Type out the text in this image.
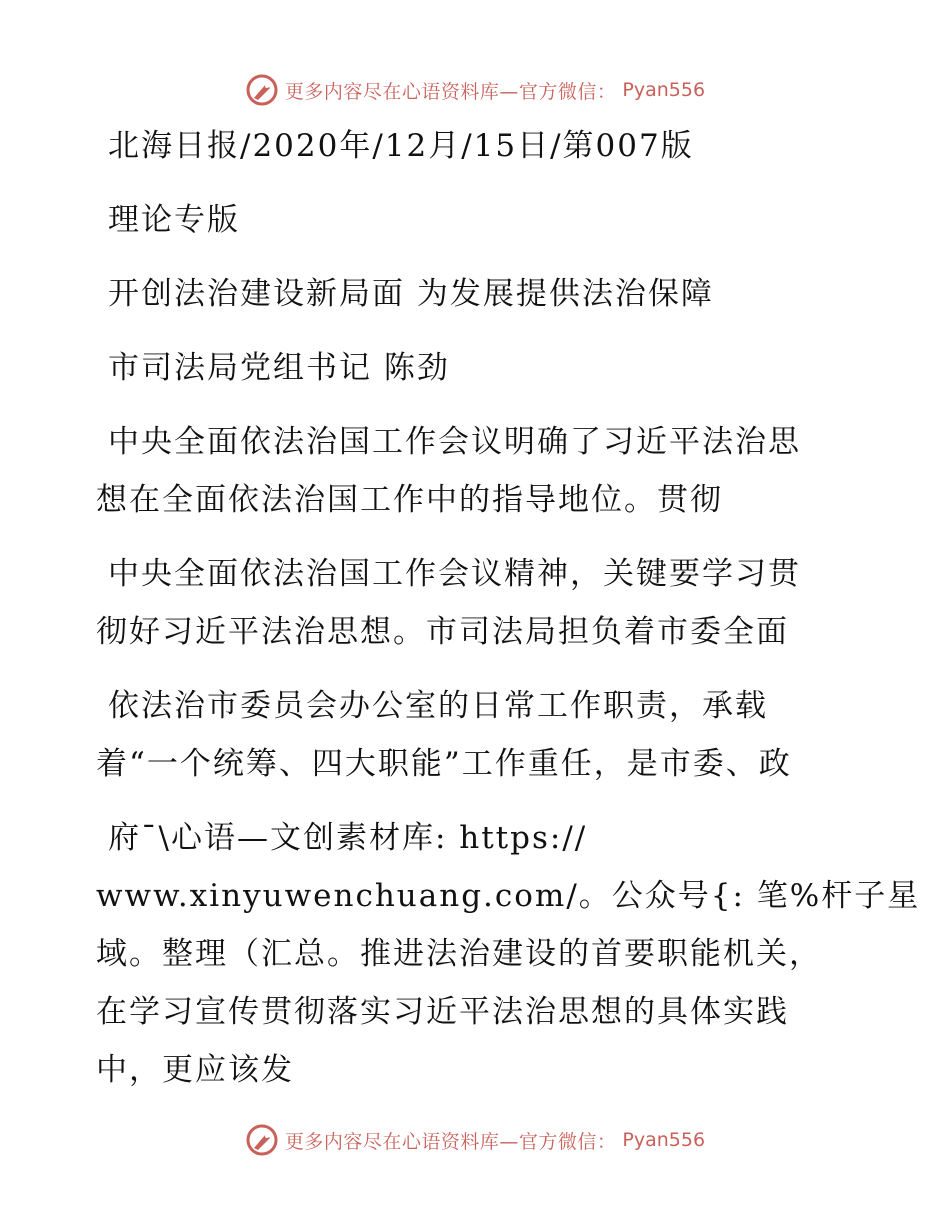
更多内容尽在心语资料库—官方微信： Pyan556
北海日报/2020年/12月/15日/第007版
理论专版
开创法治建设新局面 为发展提供法治保障
市司法局党组书记 陈劲
中央全面依法治国工作会议明确了习近平法治思
想在全面依法治国工作中的指导地位。贯彻
中央全面依法治国工作会议精神，关键要学习贯
彻好习近平法治思想。市司法局担负着市委全面
依法治市委员会办公室的日常工作职责，承载
着“一个统筹、四大职能”工作重任，是市委、政
府¯\心语—文创素材库: https://
www.xinyuwenchuang.com/。公众号{: 笔%杆子星
域。整理（汇总。推进法治建设的首要职能机关，
在学习宣传贯彻落实习近平法治思想的具体实践
中，更应该发
更多内容尽在心语资料库—官方微信： Pyan556
